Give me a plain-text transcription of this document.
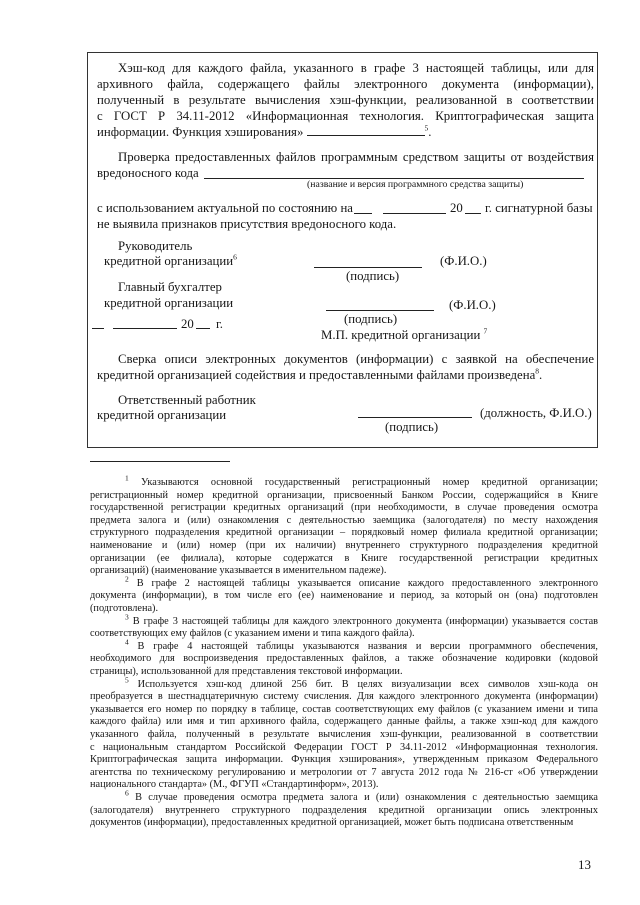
Хэш-код для каждого файла, указанного в графе 3 настоящей таблицы, или для
архивного файла, содержащего файлы электронного документа (информации),
полученный в результате вычисления хэш-функции, реализованной в соответствии
с ГОСТ Р 34.11-2012 «Информационная технология. Криптографическая защита
информации. Функция хэширования»	$^5$.
Проверка предоставленных файлов программным средством защиты от воздействия
вредоносного кода
(название и версия программного средства защиты)
с использованием актуальной по состоянию на	20 г. сигнатурной базы
не выявила признаков присутствия вредоносного кода.
Руководитель
кредитной организации$^6$	(Ф.И.О.)
(подпись)
Главный бухгалтер
кредитной организации	(Ф.И.О.)
(подпись)
20 г.
М.П. кредитной организации $^7$
Сверка описи электронных документов (информации) с заявкой на обеспечение
кредитной организацией содействия и предоставленными файлами произведена$^8$.
Ответственный работник
кредитной организации	(должность, Ф.И.О.)
(подпись)
$^1$ Указываются основной государственный регистрационный номер кредитной организации;
регистрационный номер кредитной организации, присвоенный Банком России, содержащийся в Книге
государственной регистрации кредитных организаций (при необходимости, в случае проведения осмотра
предмета залога и (или) ознакомления с деятельностью заемщика (залогодателя) по месту нахождения
структурного подразделения кредитной организации – порядковый номер филиала кредитной организации;
наименование и (или) номер (при их наличии) внутреннего структурного подразделения кредитной
организации (ее филиала), которые содержатся в Книге государственной регистрации кредитных
организаций) (наименование указывается в именительном падеже).
$^2$ В графе 2 настоящей таблицы указывается описание каждого предоставленного электронного
документа (информации), в том числе его (ее) наименование и период, за который он (она) подготовлен
(подготовлена).
$^3$ В графе 3 настоящей таблицы для каждого электронного документа (информации) указывается состав
соответствующих ему файлов (с указанием имени и типа каждого файла).
$^4$ В графе 4 настоящей таблицы указываются названия и версии программного обеспечения,
необходимого для воспроизведения предоставленных файлов, а также обозначение кодировки (кодовой
страницы), использованной для представления текстовой информации.
$^5$ Используется хэш-код длиной 256 бит. В целях визуализации всех символов хэш-кода он
преобразуется в шестнадцатеричную систему счисления. Для каждого электронного документа (информации)
указывается его номер по порядку в таблице, состав соответствующих ему файлов (с указанием имени и типа
каждого файла) или имя и тип архивного файла, содержащего данные файлы, а также хэш-код для каждого
указанного файла, полученный в результате вычисления хэш-функции, реализованной в соответствии
с национальным стандартом Российской Федерации ГОСТ Р 34.11-2012 «Информационная технология.
Криптографическая защита информации. Функция хэширования», утвержденным приказом Федерального
агентства по техническому регулированию и метрологии от 7 августа 2012 года № 216-ст «Об утверждении
национального стандарта» (М., ФГУП «Стандартинформ», 2013).
$^6$ В случае проведения осмотра предмета залога и (или) ознакомления с деятельностью заемщика
(залогодателя) внутреннего структурного подразделения кредитной организации опись электронных
документов (информации), предоставленных кредитной организацией, может быть подписана ответственным
13
